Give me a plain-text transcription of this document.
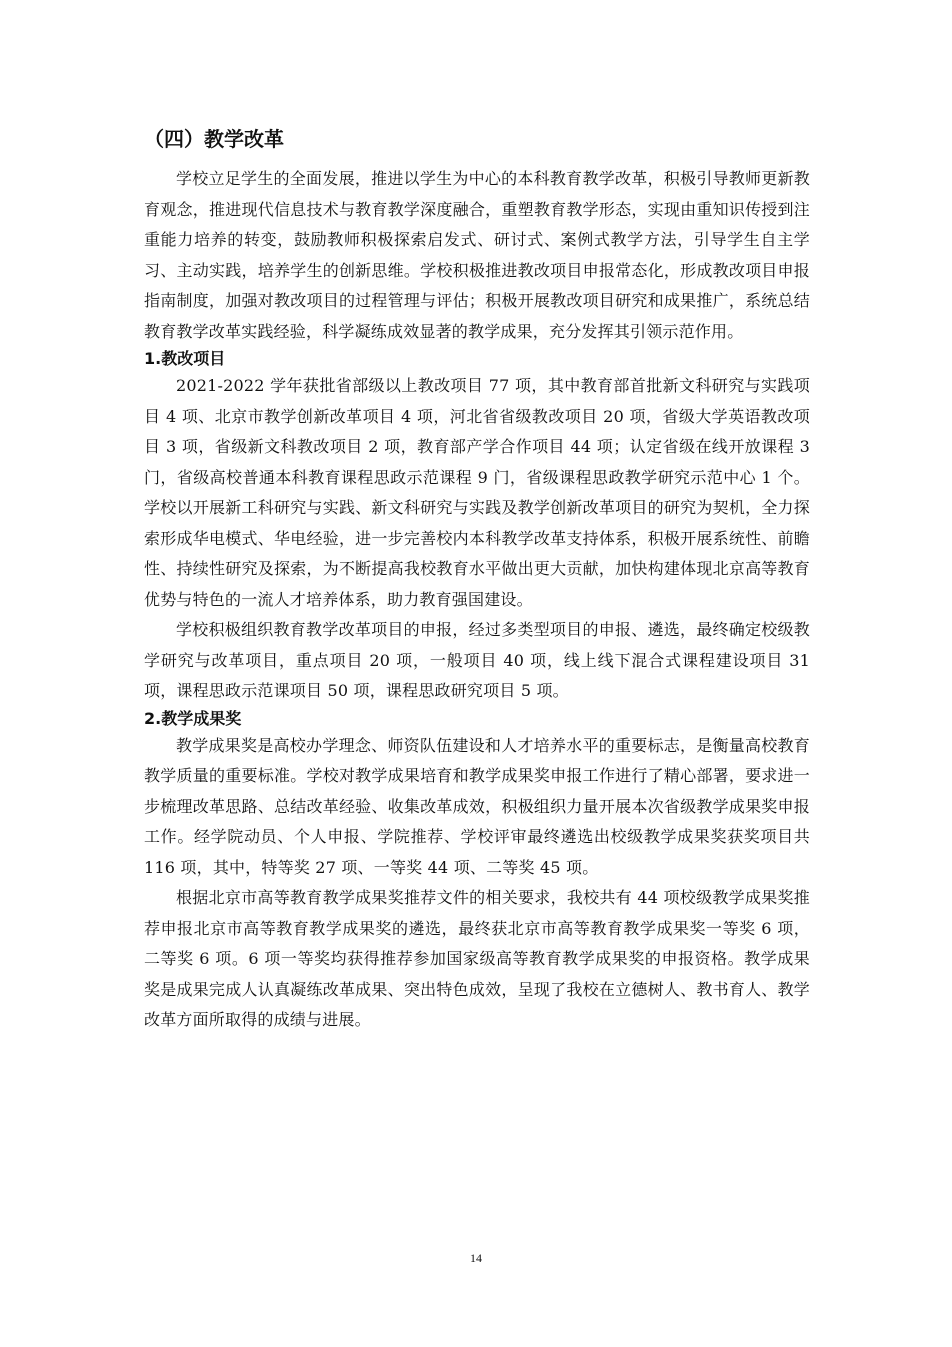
（四）教学改革

学校立足学生的全面发展，推进以学生为中心的本科教育教学改革，积极引导教师更新教育观念，推进现代信息技术与教育教学深度融合，重塑教育教学形态，实现由重知识传授到注重能力培养的转变，鼓励教师积极探索启发式、研讨式、案例式教学方法，引导学生自主学习、主动实践，培养学生的创新思维。学校积极推进教改项目申报常态化，形成教改项目申报指南制度，加强对教改项目的过程管理与评估；积极开展教改项目研究和成果推广，系统总结教育教学改革实践经验，科学凝练成效显著的教学成果，充分发挥其引领示范作用。

1.教改项目

2021-2022 学年获批省部级以上教改项目 77 项，其中教育部首批新文科研究与实践项目 4 项、北京市教学创新改革项目 4 项，河北省省级教改项目 20 项，省级大学英语教改项目 3 项，省级新文科教改项目 2 项，教育部产学合作项目 44 项；认定省级在线开放课程 3 门，省级高校普通本科教育课程思政示范课程 9 门，省级课程思政教学研究示范中心 1 个。学校以开展新工科研究与实践、新文科研究与实践及教学创新改革项目的研究为契机，全力探索形成华电模式、华电经验，进一步完善校内本科教学改革支持体系，积极开展系统性、前瞻性、持续性研究及探索，为不断提高我校教育水平做出更大贡献，加快构建体现北京高等教育优势与特色的一流人才培养体系，助力教育强国建设。

学校积极组织教育教学改革项目的申报，经过多类型项目的申报、遴选，最终确定校级教学研究与改革项目，重点项目 20 项，一般项目 40 项，线上线下混合式课程建设项目 31 项，课程思政示范课项目 50 项，课程思政研究项目 5 项。

2.教学成果奖

教学成果奖是高校办学理念、师资队伍建设和人才培养水平的重要标志，是衡量高校教育教学质量的重要标准。学校对教学成果培育和教学成果奖申报工作进行了精心部署，要求进一步梳理改革思路、总结改革经验、收集改革成效，积极组织力量开展本次省级教学成果奖申报工作。经学院动员、个人申报、学院推荐、学校评审最终遴选出校级教学成果奖获奖项目共 116 项，其中，特等奖 27 项、一等奖 44 项、二等奖 45 项。

根据北京市高等教育教学成果奖推荐文件的相关要求，我校共有 44 项校级教学成果奖推荐申报北京市高等教育教学成果奖的遴选，最终获北京市高等教育教学成果奖一等奖 6 项，二等奖 6 项。6 项一等奖均获得推荐参加国家级高等教育教学成果奖的申报资格。教学成果奖是成果完成人认真凝练改革成果、突出特色成效，呈现了我校在立德树人、教书育人、教学改革方面所取得的成绩与进展。

14
